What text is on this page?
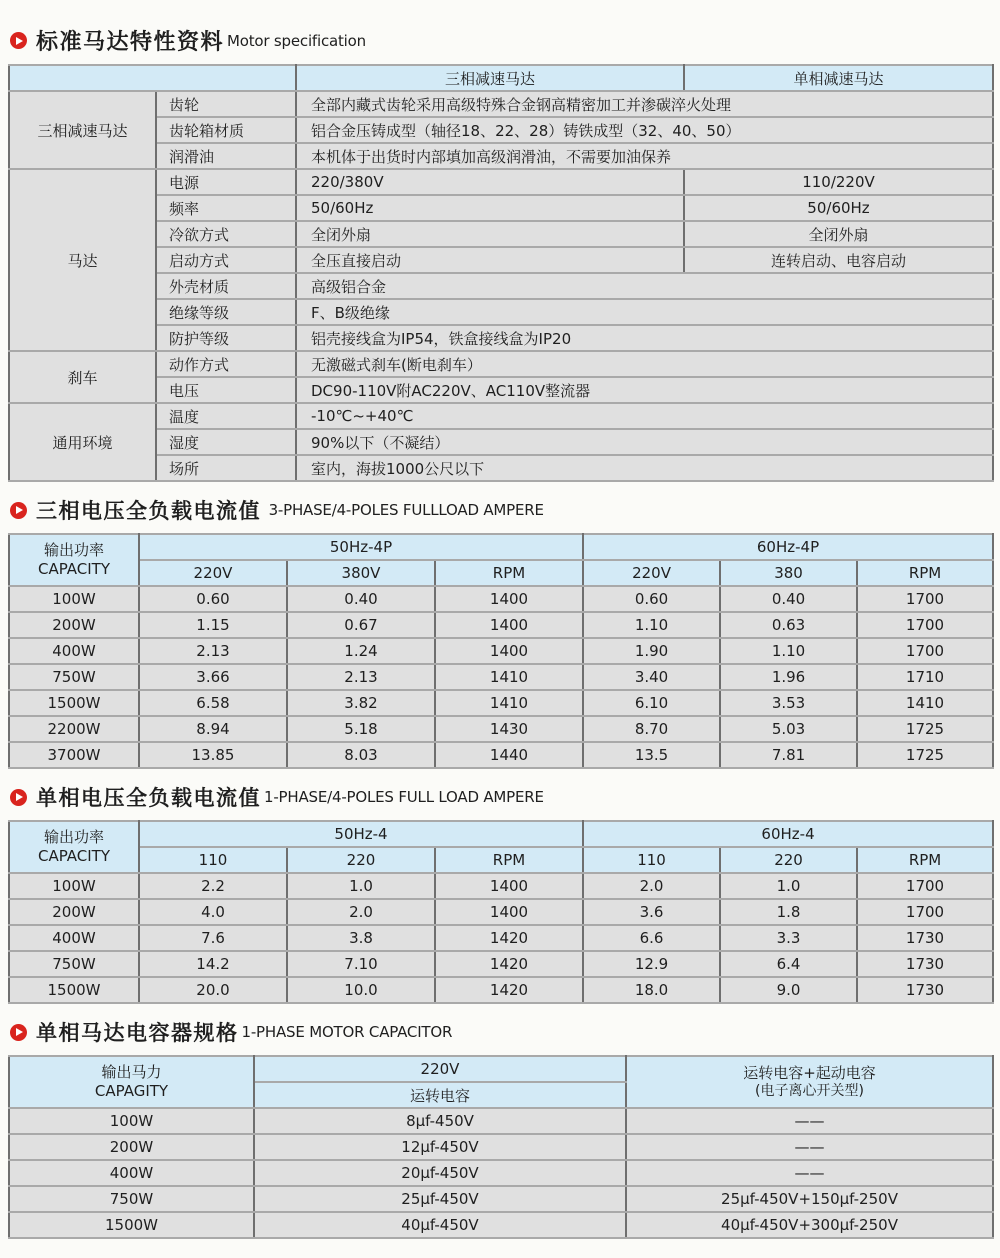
标准马达特性资料 Motor specification
		三相减速马达	单相减速马达
三相减速马达	齿轮	全部内藏式齿轮采用高级特殊合金钢高精密加工并渗碳淬火处理	
	齿轮箱材质	铝合金压铸成型（轴径18、22、28）铸铁成型（32、40、50）	
	润滑油	本机体于出货时内部填加高级润滑油，不需要加油保养	
马达	电源	220/380V	110/220V
	频率	50/60Hz	50/60Hz
	冷欲方式	全闭外扇	全闭外扇
	启动方式	全压直接启动	连转启动、电容启动
	外壳材质	高级铝合金	
	绝缘等级	F、B级绝缘	
	防护等级	铝壳接线盒为IP54，铁盒接线盒为IP20	
刹车	动作方式	无激磁式刹车(断电刹车）	
	电压	DC90-110V附AC220V、AC110V整流器	
通用环境	温度	-10℃~+40℃	
	湿度	90%以下（不凝结）	
	场所	室内，海拔1000公尺以下	
三相电压全负载电流值 3-PHASE/4-POLES FULLLOAD AMPERE
输出功率
CAPACITY	50Hz-4P			60Hz-4P		
	220V	380V	RPM	220V	380	RPM
100W	0.60	0.40	1400	0.60	0.40	1700
200W	1.15	0.67	1400	1.10	0.63	1700
400W	2.13	1.24	1400	1.90	1.10	1700
750W	3.66	2.13	1410	3.40	1.96	1710
1500W	6.58	3.82	1410	6.10	3.53	1410
2200W	8.94	5.18	1430	8.70	5.03	1725
3700W	13.85	8.03	1440	13.5	7.81	1725
单相电压全负载电流值 1-PHASE/4-POLES FULL LOAD AMPERE
输出功率
CAPACITY	50Hz-4			60Hz-4		
	110	220	RPM	110	220	RPM
100W	2.2	1.0	1400	2.0	1.0	1700
200W	4.0	2.0	1400	3.6	1.8	1700
400W	7.6	3.8	1420	6.6	3.3	1730
750W	14.2	7.10	1420	12.9	6.4	1730
1500W	20.0	10.0	1420	18.0	9.0	1730
单相马达电容器规格 1-PHASE MOTOR CAPACITOR
输出马力
CAPAGITY
	220V	运转电容+起动电容
(电子离心开关型)

	运转电容	
100W	8μf-450V	——
200W	12μf-450V	——
400W	20μf-450V	——
750W	25μf-450V	25μf-450V+150μf-250V
1500W	40μf-450V	40μf-450V+300μf-250V
